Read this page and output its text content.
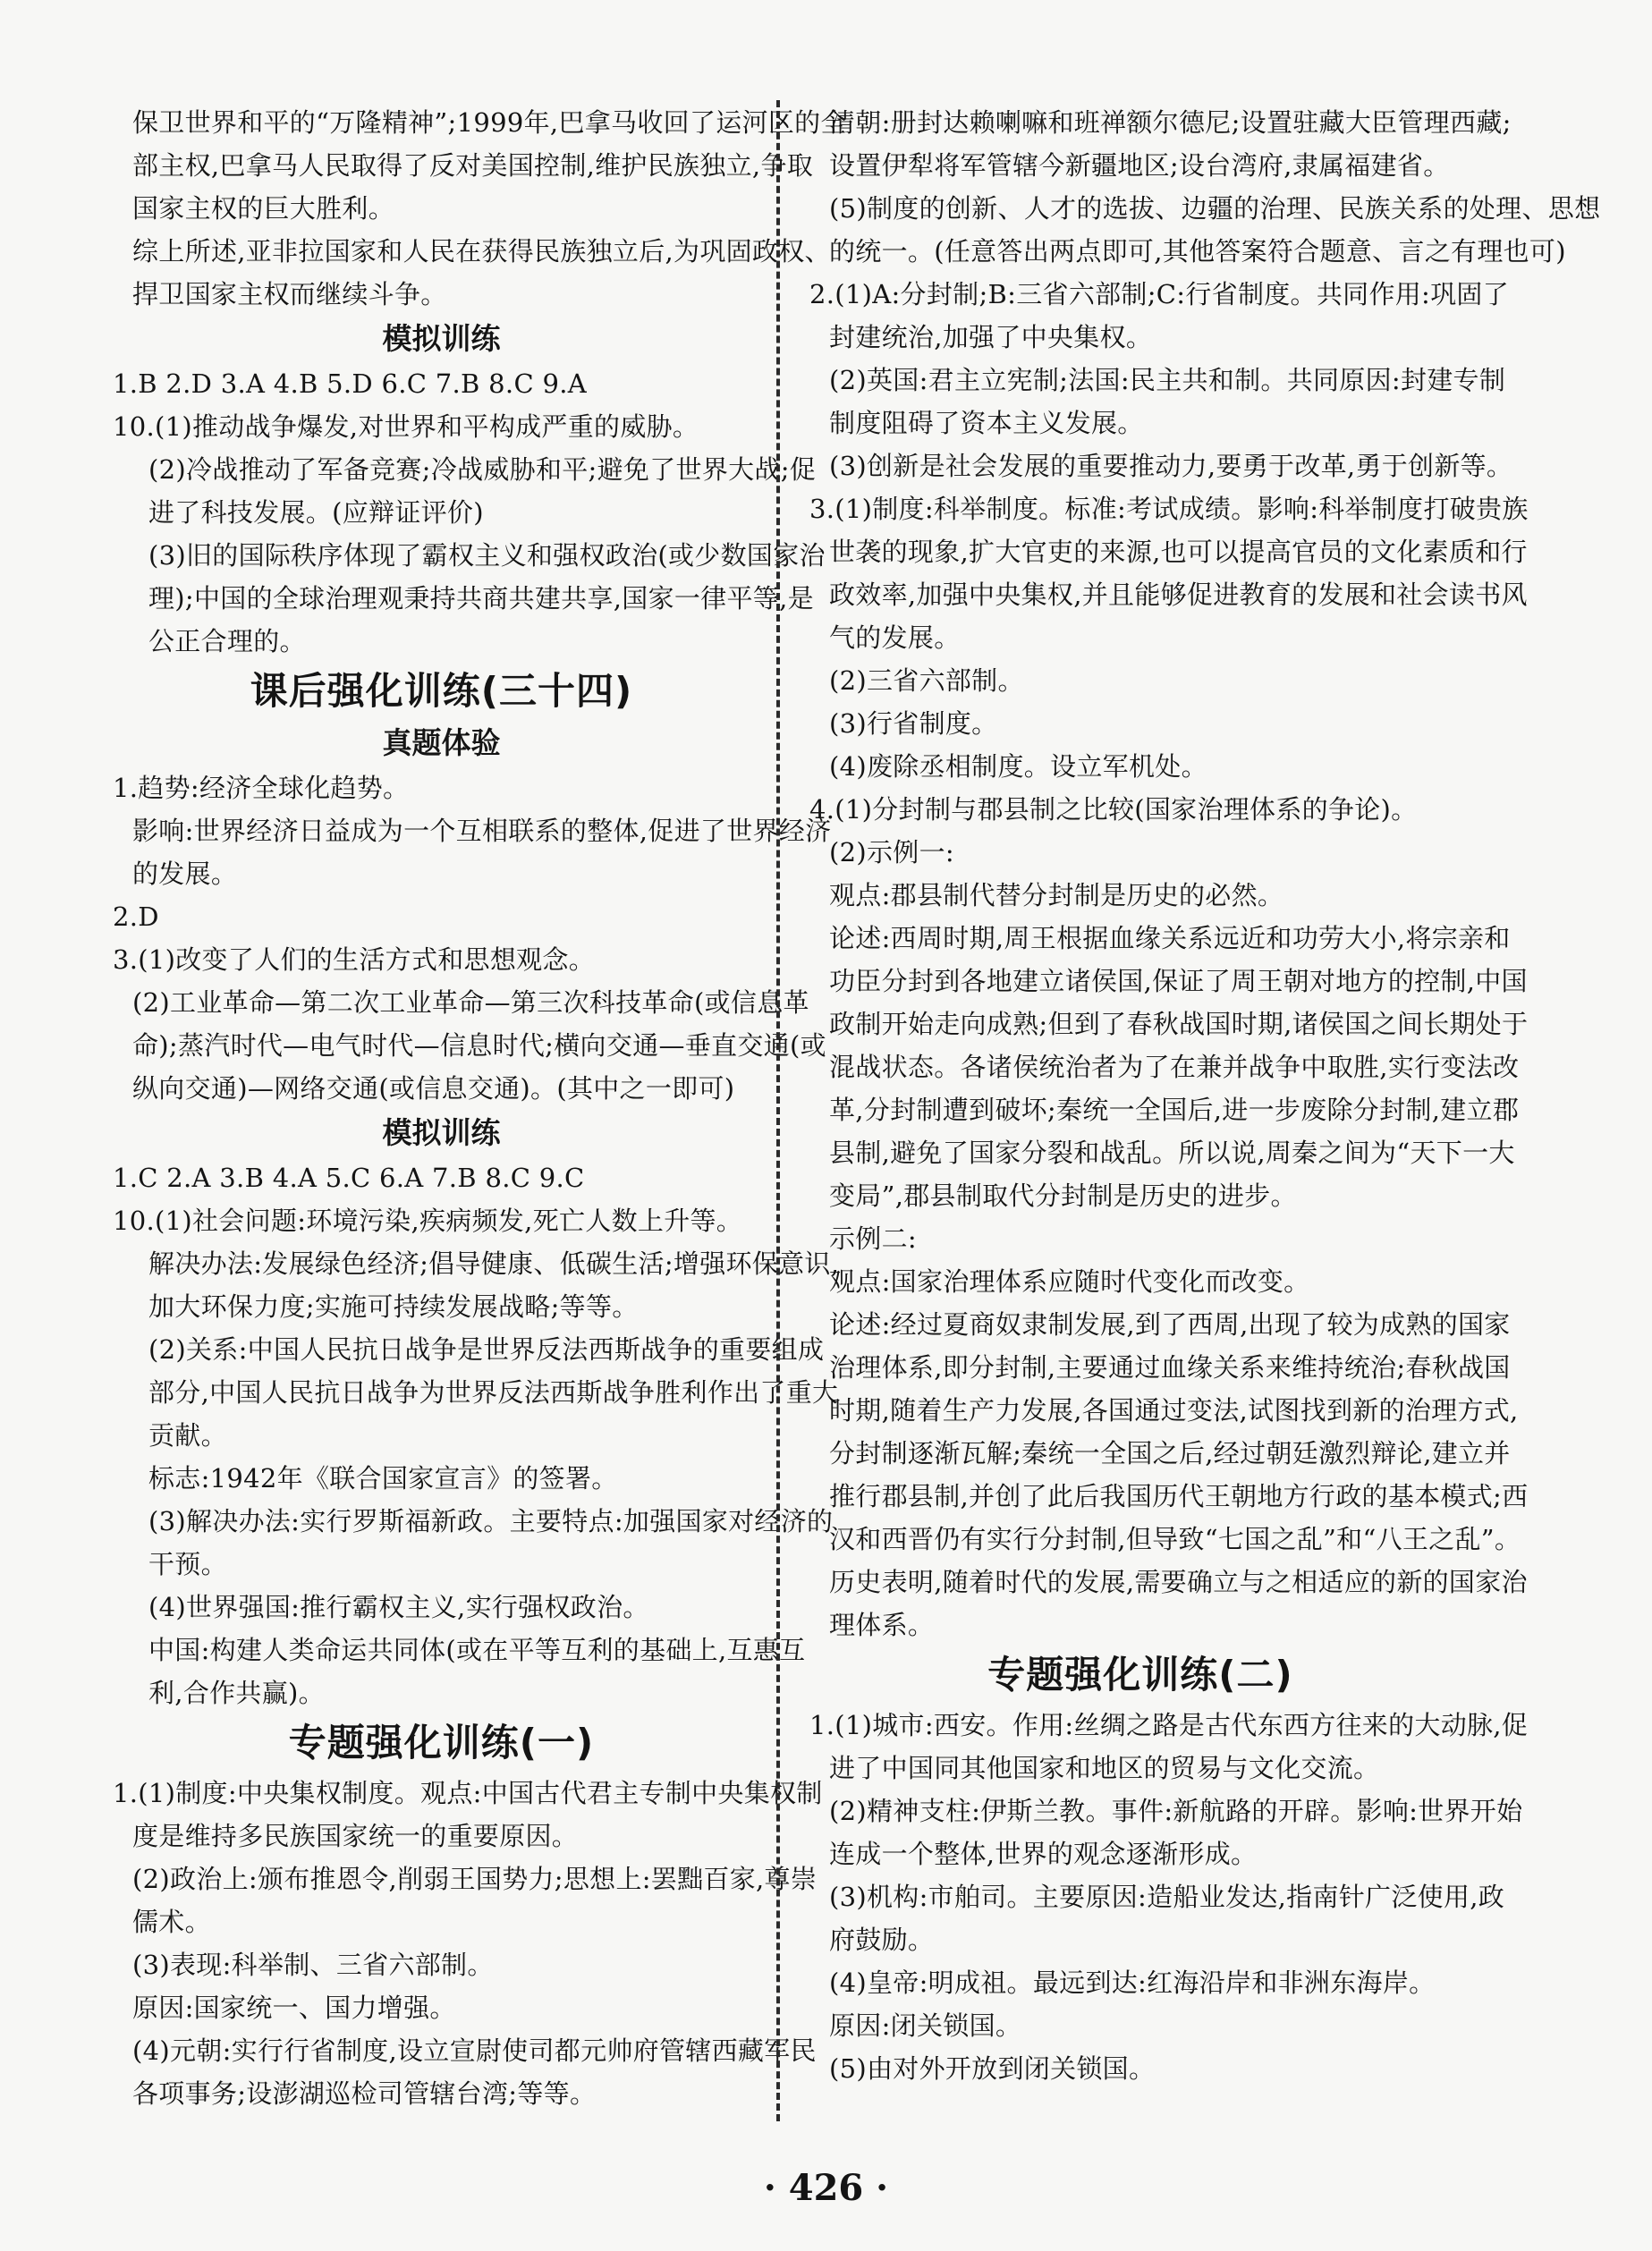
保卫世界和平的“万隆精神”;1999年,巴拿马收回了运河区的全
部主权,巴拿马人民取得了反对美国控制,维护民族独立,争取
国家主权的巨大胜利。
综上所述,亚非拉国家和人民在获得民族独立后,为巩固政权、
捍卫国家主权而继续斗争。
模拟训练
1.B 2.D 3.A 4.B 5.D 6.C 7.B 8.C 9.A
10.(1)推动战争爆发,对世界和平构成严重的威胁。
(2)冷战推动了军备竞赛;冷战威胁和平;避免了世界大战;促
进了科技发展。(应辩证评价)
(3)旧的国际秩序体现了霸权主义和强权政治(或少数国家治
理);中国的全球治理观秉持共商共建共享,国家一律平等,是
公正合理的。
课后强化训练(三十四)
真题体验
1.趋势:经济全球化趋势。
影响:世界经济日益成为一个互相联系的整体,促进了世界经济
的发展。
2.D
3.(1)改变了人们的生活方式和思想观念。
(2)工业革命—第二次工业革命—第三次科技革命(或信息革
命);蒸汽时代—电气时代—信息时代;横向交通—垂直交通(或
纵向交通)—网络交通(或信息交通)。(其中之一即可)
模拟训练
1.C 2.A 3.B 4.A 5.C 6.A 7.B 8.C 9.C
10.(1)社会问题:环境污染,疾病频发,死亡人数上升等。
解决办法:发展绿色经济;倡导健康、低碳生活;增强环保意识,
加大环保力度;实施可持续发展战略;等等。
(2)关系:中国人民抗日战争是世界反法西斯战争的重要组成
部分,中国人民抗日战争为世界反法西斯战争胜利作出了重大
贡献。
标志:1942年《联合国家宣言》的签署。
(3)解决办法:实行罗斯福新政。主要特点:加强国家对经济的
干预。
(4)世界强国:推行霸权主义,实行强权政治。
中国:构建人类命运共同体(或在平等互利的基础上,互惠互
利,合作共赢)。
专题强化训练(一)
1.(1)制度:中央集权制度。观点:中国古代君主专制中央集权制
度是维持多民族国家统一的重要原因。
(2)政治上:颁布推恩令,削弱王国势力;思想上:罢黜百家,尊崇
儒术。
(3)表现:科举制、三省六部制。
原因:国家统一、国力增强。
(4)元朝:实行行省制度,设立宣尉使司都元帅府管辖西藏军民
各项事务;设澎湖巡检司管辖台湾;等等。
清朝:册封达赖喇嘛和班禅额尔德尼;设置驻藏大臣管理西藏;
设置伊犁将军管辖今新疆地区;设台湾府,隶属福建省。
(5)制度的创新、人才的选拔、边疆的治理、民族关系的处理、思想
的统一。(任意答出两点即可,其他答案符合题意、言之有理也可)
2.(1)A:分封制;B:三省六部制;C:行省制度。共同作用:巩固了
封建统治,加强了中央集权。
(2)英国:君主立宪制;法国:民主共和制。共同原因:封建专制
制度阻碍了资本主义发展。
(3)创新是社会发展的重要推动力,要勇于改革,勇于创新等。
3.(1)制度:科举制度。标准:考试成绩。影响:科举制度打破贵族
世袭的现象,扩大官吏的来源,也可以提高官员的文化素质和行
政效率,加强中央集权,并且能够促进教育的发展和社会读书风
气的发展。
(2)三省六部制。
(3)行省制度。
(4)废除丞相制度。设立军机处。
4.(1)分封制与郡县制之比较(国家治理体系的争论)。
(2)示例一:
观点:郡县制代替分封制是历史的必然。
论述:西周时期,周王根据血缘关系远近和功劳大小,将宗亲和
功臣分封到各地建立诸侯国,保证了周王朝对地方的控制,中国
政制开始走向成熟;但到了春秋战国时期,诸侯国之间长期处于
混战状态。各诸侯统治者为了在兼并战争中取胜,实行变法改
革,分封制遭到破坏;秦统一全国后,进一步废除分封制,建立郡
县制,避免了国家分裂和战乱。所以说,周秦之间为“天下一大
变局”,郡县制取代分封制是历史的进步。
示例二:
观点:国家治理体系应随时代变化而改变。
论述:经过夏商奴隶制发展,到了西周,出现了较为成熟的国家
治理体系,即分封制,主要通过血缘关系来维持统治;春秋战国
时期,随着生产力发展,各国通过变法,试图找到新的治理方式,
分封制逐渐瓦解;秦统一全国之后,经过朝廷激烈辩论,建立并
推行郡县制,并创了此后我国历代王朝地方行政的基本模式;西
汉和西晋仍有实行分封制,但导致“七国之乱”和“八王之乱”。
历史表明,随着时代的发展,需要确立与之相适应的新的国家治
理体系。
专题强化训练(二)
1.(1)城市:西安。作用:丝绸之路是古代东西方往来的大动脉,促
进了中国同其他国家和地区的贸易与文化交流。
(2)精神支柱:伊斯兰教。事件:新航路的开辟。影响:世界开始
连成一个整体,世界的观念逐渐形成。
(3)机构:市舶司。主要原因:造船业发达,指南针广泛使用,政
府鼓励。
(4)皇帝:明成祖。最远到达:红海沿岸和非洲东海岸。
原因:闭关锁国。
(5)由对外开放到闭关锁国。
· 426 ·
